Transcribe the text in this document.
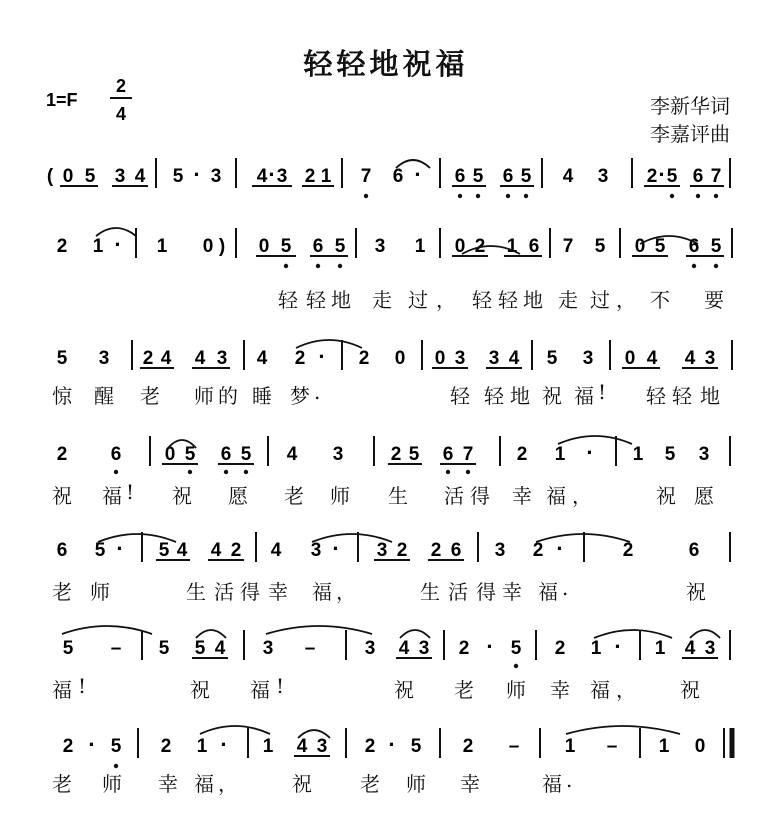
轻轻地祝福
1=F
2
4
( 0 5 3 4 5 · 3 4 · 3 2 1 7 6 · 6 5 6 5 4 3 2 · 5 6 7
2 1 · 1 0 ) 0 5 6 5 3 1 0 2 1 6 7 5 0 5 6 5
5 3 2 4 4 3 4 2 · 2 0 0 3 3 4 5 3 0 4 4 3
2 6 0 5 6 5 4 3 2 5 6 7 2 1 · 1 5 3
6 5 · 5 4 4 2 4 3 · 3 2 2 6 3 2 ·	2	6
5 – 5 5 4 3 –	3 4 3 2 · 5 2 1 · 1 4 3
2 · 5 2 1 · 1 4 3 2 · 5 2 – 1 – 1 0
李新华词
李嘉评曲
轻 轻 地 走 过 ， 轻 轻 地 走 过 ， 不 要
惊 醒 老 师 的 睡 梦 .	轻 轻 地 祝 福 ! 轻 轻 地
祝 福 ! 祝 愿 老 师 生 活 得 幸 福 ，	祝 愿
老 师	生 活 得 幸 福 ，	生 活 得 幸 福 .	祝
福 !	祝 福 !	祝 老 师 幸 福 ， 祝
老 师 幸 福 ，	祝 老 师 幸	福 .
